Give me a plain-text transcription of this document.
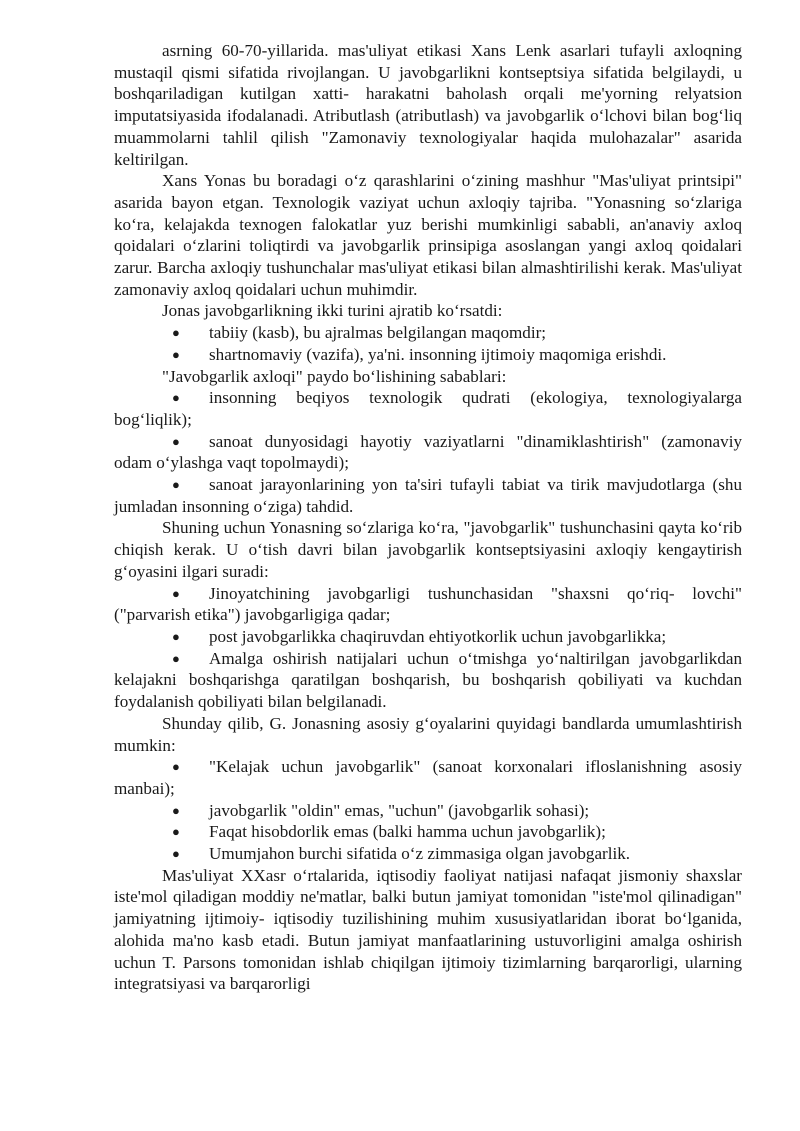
asrning 60-70-yillarida. mas'uliyat etikasi Xans Lenk asarlari tufayli axloqning mustaqil qismi sifatida rivojlangan. U javobgarlikni kontseptsiya sifatida belgilaydi, u boshqariladigan kutilgan xatti- harakatni baholash orqali me'yorning relyatsion imputatsiyasida ifodalanadi. Atributlash (atributlash) va javobgarlik oʻlchovi bilan bogʻliq muammolarni tahlil qilish "Zamonaviy texnologiyalar haqida mulohazalar" asarida keltirilgan.

Xans Yonas bu boradagi oʻz qarashlarini oʻzining mashhur "Mas'uliyat printsipi" asarida bayon etgan. Texnologik vaziyat uchun axloqiy tajriba. "Yonasning soʻzlariga koʻra, kelajakda texnogen falokatlar yuz berishi mumkinligi sababli, an'anaviy axloq qoidalari oʻzlarini toliqtirdi va javobgarlik prinsipiga asoslangan yangi axloq qoidalari zarur. Barcha axloqiy tushunchalar mas'uliyat etikasi bilan almashtirilishi kerak. Mas'uliyat zamonaviy axloq qoidalari uchun muhimdir.

Jonas javobgarlikning ikki turini ajratib koʻrsatdi:

● tabiiy (kasb), bu ajralmas belgilangan maqomdir;
● shartnomaviy (vazifa), ya'ni. insonning ijtimoiy maqomiga erishdi.

"Javobgarlik axloqi" paydo boʻlishining sabablari:

● insonning beqiyos texnologik qudrati (ekologiya, texnologiyalarga bogʻliqlik);
● sanoat dunyosidagi hayotiy vaziyatlarni "dinamiklashtirish" (zamonaviy odam oʻylashga vaqt topolmaydi);
● sanoat jarayonlarining yon ta'siri tufayli tabiat va tirik mavjudotlarga (shu jumladan insonning oʻziga) tahdid.

Shuning uchun Yonasning soʻzlariga koʻra, "javobgarlik" tushunchasini qayta koʻrib chiqish kerak. U oʻtish davri bilan javobgarlik kontseptsiyasini axloqiy kengaytirish gʻoyasini ilgari suradi:

● Jinoyatchining javobgarligi tushunchasidan "shaxsni qoʻriq- lovchi" ("parvarish etika") javobgarligiga qadar;
● post javobgarlikka chaqiruvdan ehtiyotkorlik uchun javobgarlikka;
● Amalga oshirish natijalari uchun oʻtmishga yoʻnaltirilgan javobgarlikdan kelajakni boshqarishga qaratilgan boshqarish, bu boshqarish qobiliyati va kuchdan foydalanish qobiliyati bilan belgilanadi.

Shunday qilib, G. Jonasning asosiy gʻoyalarini quyidagi bandlarda umumlashtirish mumkin:

● "Kelajak uchun javobgarlik" (sanoat korxonalari ifloslanishning asosiy manbai);
● javobgarlik "oldin" emas, "uchun" (javobgarlik sohasi);
● Faqat hisobdorlik emas (balki hamma uchun javobgarlik);
● Umumjahon burchi sifatida oʻz zimmasiga olgan javobgarlik.

Mas'uliyat XXasr oʻrtalarida, iqtisodiy faoliyat natijasi nafaqat jismoniy shaxslar iste'mol qiladigan moddiy ne'matlar, balki butun jamiyat tomonidan "iste'mol qilinadigan" jamiyatning ijtimoiy- iqtisodiy tuzilishining muhim xususiyatlaridan iborat boʻlganida, alohida ma'no kasb etadi. Butun jamiyat manfaatlarining ustuvorligini amalga oshirish uchun T. Parsons tomonidan ishlab chiqilgan ijtimoiy tizimlarning barqarorligi, ularning integratsiyasi va barqarorligi
